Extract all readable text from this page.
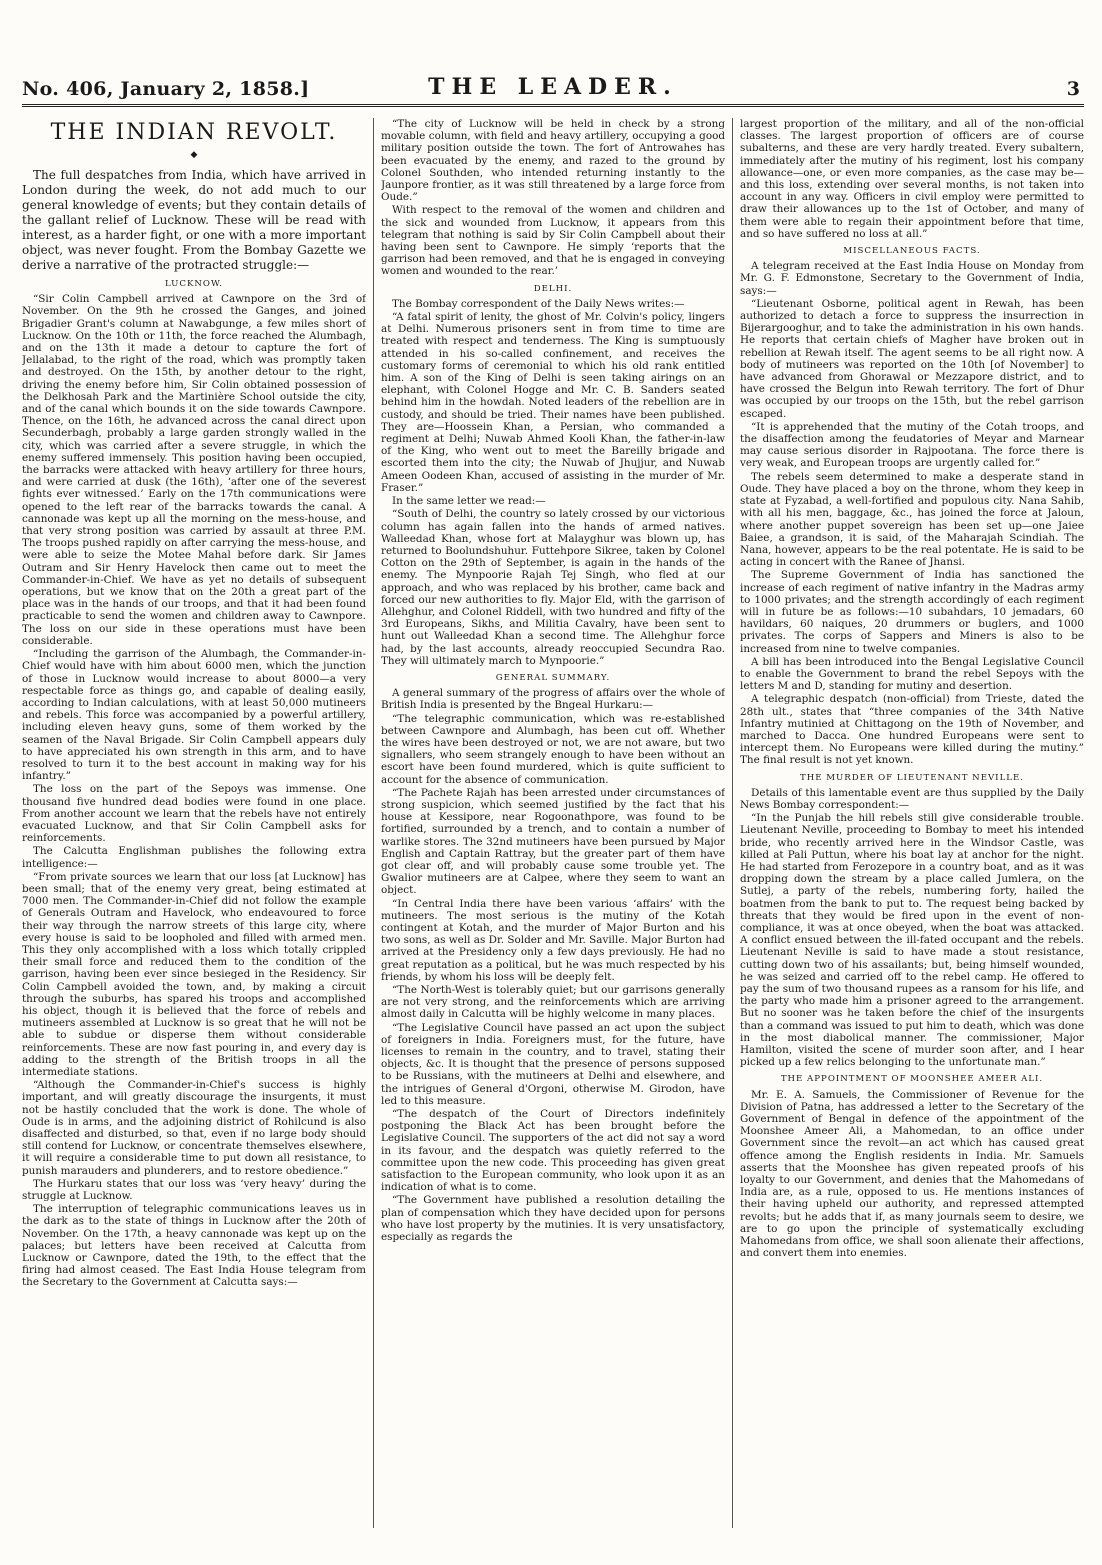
No. 406, January 2, 1858.]	THE LEADER.	3
THE INDIAN REVOLT.
◆

The full despatches from India, which have arrived in London during the week, do not add much to our general knowledge of events; but they contain details of the gallant relief of Lucknow. These will be read with interest, as a harder fight, or one with a more important object, was never fought. From the Bombay Gazette we derive a narrative of the protracted struggle:—

LUCKNOW.

“Sir Colin Campbell arrived at Cawnpore on the 3rd of November. On the 9th he crossed the Ganges, and joined Brigadier Grant's column at Nawabgunge, a few miles short of Lucknow. On the 10th or 11th, the force reached the Alumbagh, and on the 13th it made a detour to capture the fort of Jellalabad, to the right of the road, which was promptly taken and destroyed. On the 15th, by another detour to the right, driving the enemy before him, Sir Colin obtained possession of the Delkhosah Park and the Martinière School outside the city, and of the canal which bounds it on the side towards Cawnpore. Thence, on the 16th, he advanced across the canal direct upon Secunderbagh, probably a large garden strongly walled in the city, which was carried after a severe struggle, in which the enemy suffered immensely. This position having been occupied, the barracks were attacked with heavy artillery for three hours, and were carried at dusk (the 16th), ‘after one of the severest fights ever witnessed.’ Early on the 17th communications were opened to the left rear of the barracks towards the canal. A cannonade was kept up all the morning on the mess-house, and that very strong position was carried by assault at three P.M. The troops pushed rapidly on after carrying the mess-house, and were able to seize the Motee Mahal before dark. Sir James Outram and Sir Henry Havelock then came out to meet the Commander-in-Chief. We have as yet no details of subsequent operations, but we know that on the 20th a great part of the place was in the hands of our troops, and that it had been found practicable to send the women and children away to Cawnpore. The loss on our side in these operations must have been considerable.

“Including the garrison of the Alumbagh, the Commander-in-Chief would have with him about 6000 men, which the junction of those in Lucknow would increase to about 8000—a very respectable force as things go, and capable of dealing easily, according to Indian calculations, with at least 50,000 mutineers and rebels. This force was accompanied by a powerful artillery, including eleven heavy guns, some of them worked by the seamen of the Naval Brigade. Sir Colin Campbell appears duly to have appreciated his own strength in this arm, and to have resolved to turn it to the best account in making way for his infantry.”

The loss on the part of the Sepoys was immense. One thousand five hundred dead bodies were found in one place. From another account we learn that the rebels have not entirely evacuated Lucknow, and that Sir Colin Campbell asks for reinforcements.

The Calcutta Englishman publishes the following extra intelligence:—

“From private sources we learn that our loss [at Lucknow] has been small; that of the enemy very great, being estimated at 7000 men. The Commander-in-Chief did not follow the example of Generals Outram and Havelock, who endeavoured to force their way through the narrow streets of this large city, where every house is said to be loopholed and filled with armed men. This they only accomplished with a loss which totally crippled their small force and reduced them to the condition of the garrison, having been ever since besieged in the Residency. Sir Colin Campbell avoided the town, and, by making a circuit through the suburbs, has spared his troops and accomplished his object, though it is believed that the force of rebels and mutineers assembled at Lucknow is so great that he will not be able to subdue or disperse them without considerable reinforcements. These are now fast pouring in, and every day is adding to the strength of the British troops in all the intermediate stations.

“Although the Commander-in-Chief's success is highly important, and will greatly discourage the insurgents, it must not be hastily concluded that the work is done. The whole of Oude is in arms, and the adjoining district of Rohilcund is also disaffected and disturbed, so that, even if no large body should still contend for Lucknow, or concentrate themselves elsewhere, it will require a considerable time to put down all resistance, to punish marauders and plunderers, and to restore obedience.”

The Hurkaru states that our loss was ‘very heavy’ during the struggle at Lucknow.

The interruption of telegraphic communications leaves us in the dark as to the state of things in Lucknow after the 20th of November. On the 17th, a heavy cannonade was kept up on the palaces; but letters have been received at Calcutta from Lucknow or Cawnpore, dated the 19th, to the effect that the firing had almost ceased. The East India House telegram from the Secretary to the Government at Calcutta says:—

“The city of Lucknow will be held in check by a strong movable column, with field and heavy artillery, occupying a good military position outside the town. The fort of Antrowahes has been evacuated by the enemy, and razed to the ground by Colonel Southden, who intended returning instantly to the Jaunpore frontier, as it was still threatened by a large force from Oude.”

With respect to the removal of the women and children and the sick and wounded from Lucknow, it appears from this telegram that nothing is said by Sir Colin Campbell about their having been sent to Cawnpore. He simply ‘reports that the garrison had been removed, and that he is engaged in conveying women and wounded to the rear.’

DELHI.

The Bombay correspondent of the Daily News writes:—

“A fatal spirit of lenity, the ghost of Mr. Colvin's policy, lingers at Delhi. Numerous prisoners sent in from time to time are treated with respect and tenderness. The King is sumptuously attended in his so-called confinement, and receives the customary forms of ceremonial to which his old rank entitled him. A son of the King of Delhi is seen taking airings on an elephant, with Colonel Hogge and Mr. C. B. Sanders seated behind him in the howdah. Noted leaders of the rebellion are in custody, and should be tried. Their names have been published. They are—Hoossein Khan, a Persian, who commanded a regiment at Delhi; Nuwab Ahmed Kooli Khan, the father-in-law of the King, who went out to meet the Bareilly brigade and escorted them into the city; the Nuwab of Jhujjur, and Nuwab Ameen Oodeen Khan, accused of assisting in the murder of Mr. Fraser.”

In the same letter we read:—

“South of Delhi, the country so lately crossed by our victorious column has again fallen into the hands of armed natives. Walleedad Khan, whose fort at Malayghur was blown up, has returned to Boolundshuhur. Futtehpore Sikree, taken by Colonel Cotton on the 29th of September, is again in the hands of the enemy. The Mynpoorie Rajah Tej Singh, who fled at our approach, and who was replaced by his brother, came back and forced our new authorities to fly. Major Eld, with the garrison of Allehghur, and Colonel Riddell, with two hundred and fifty of the 3rd Europeans, Sikhs, and Militia Cavalry, have been sent to hunt out Walleedad Khan a second time. The Allehghur force had, by the last accounts, already reoccupied Secundra Rao. They will ultimately march to Mynpoorie.”

GENERAL SUMMARY.

A general summary of the progress of affairs over the whole of British India is presented by the Bngeal Hurkaru:—

“The telegraphic communication, which was re-established between Cawnpore and Alumbagh, has been cut off. Whether the wires have been destroyed or not, we are not aware, but two signallers, who seem strangely enough to have been without an escort have been found murdered, which is quite sufficient to account for the absence of communication.

“The Pachete Rajah has been arrested under circumstances of strong suspicion, which seemed justified by the fact that his house at Kessipore, near Rogoonathpore, was found to be fortified, surrounded by a trench, and to contain a number of warlike stores. The 32nd mutineers have been pursued by Major English and Captain Rattray, but the greater part of them have got clear off, and will probably cause some trouble yet. The Gwalior mutineers are at Calpee, where they seem to want an object.

“In Central India there have been various ‘affairs’ with the mutineers. The most serious is the mutiny of the Kotah contingent at Kotah, and the murder of Major Burton and his two sons, as well as Dr. Solder and Mr. Saville. Major Burton had arrived at the Presidency only a few days previously. He had no great reputation as a political, but he was much respected by his friends, by whom his loss will be deeply felt.

“The North-West is tolerably quiet; but our garrisons generally are not very strong, and the reinforcements which are arriving almost daily in Calcutta will be highly welcome in many places.

“The Legislative Council have passed an act upon the subject of foreigners in India. Foreigners must, for the future, have licenses to remain in the country, and to travel, stating their objects, &c. It is thought that the presence of persons supposed to be Russians, with the mutineers at Delhi and elsewhere, and the intrigues of General d'Orgoni, otherwise M. Girodon, have led to this measure.

“The despatch of the Court of Directors indefinitely postponing the Black Act has been brought before the Legislative Council. The supporters of the act did not say a word in its favour, and the despatch was quietly referred to the committee upon the new code. This proceeding has given great satisfaction to the European community, who look upon it as an indication of what is to come.

“The Government have published a resolution detailing the plan of compensation which they have decided upon for persons who have lost property by the mutinies. It is very unsatisfactory, especially as regards the

largest proportion of the military, and all of the non-official classes. The largest proportion of officers are of course subalterns, and these are very hardly treated. Every subaltern, immediately after the mutiny of his regiment, lost his company allowance—one, or even more companies, as the case may be—and this loss, extending over several months, is not taken into account in any way. Officers in civil employ were permitted to draw their allowances up to the 1st of October, and many of them were able to regain their appointment before that time, and so have suffered no loss at all.”

MISCELLANEOUS FACTS.

A telegram received at the East India House on Monday from Mr. G. F. Edmonstone, Secretary to the Government of India, says:—

“Lieutenant Osborne, political agent in Rewah, has been authorized to detach a force to suppress the insurrection in Bijerargooghur, and to take the administration in his own hands. He reports that certain chiefs of Magher have broken out in rebellion at Rewah itself. The agent seems to be all right now. A body of mutineers was reported on the 10th [of November] to have advanced from Ghorawal or Mezzapore district, and to have crossed the Belgun into Rewah territory. The fort of Dhur was occupied by our troops on the 15th, but the rebel garrison escaped.

“It is apprehended that the mutiny of the Cotah troops, and the disaffection among the feudatories of Meyar and Marnear may cause serious disorder in Rajpootana. The force there is very weak, and European troops are urgently called for.”

The rebels seem determined to make a desperate stand in Oude. They have placed a boy on the throne, whom they keep in state at Fyzabad, a well-fortified and populous city. Nana Sahib, with all his men, baggage, &c., has joined the force at Jaloun, where another puppet sovereign has been set up—one Jaiee Baiee, a grandson, it is said, of the Maharajah Scindiah. The Nana, however, appears to be the real potentate. He is said to be acting in concert with the Ranee of Jhansi.

The Supreme Government of India has sanctioned the increase of each regiment of native infantry in the Madras army to 1000 privates; and the strength accordingly of each regiment will in future be as follows:—10 subahdars, 10 jemadars, 60 havildars, 60 naiques, 20 drummers or buglers, and 1000 privates. The corps of Sappers and Miners is also to be increased from nine to twelve companies.

A bill has been introduced into the Bengal Legislative Council to enable the Government to brand the rebel Sepoys with the letters M and D, standing for mutiny and desertion.

A telegraphic despatch (non-official) from Trieste, dated the 28th ult., states that “three companies of the 34th Native Infantry mutinied at Chittagong on the 19th of November, and marched to Dacca. One hundred Europeans were sent to intercept them. No Europeans were killed during the mutiny.” The final result is not yet known.

THE MURDER OF LIEUTENANT NEVILLE.

Details of this lamentable event are thus supplied by the Daily News Bombay correspondent:—

“In the Punjab the hill rebels still give considerable trouble. Lieutenant Neville, proceeding to Bombay to meet his intended bride, who recently arrived here in the Windsor Castle, was killed at Pali Puttun, where his boat lay at anchor for the night. He had started from Ferozepore in a country boat, and as it was dropping down the stream by a place called Jumlera, on the Sutlej, a party of the rebels, numbering forty, hailed the boatmen from the bank to put to. The request being backed by threats that they would be fired upon in the event of non-compliance, it was at once obeyed, when the boat was attacked. A conflict ensued between the ill-fated occupant and the rebels. Lieutenant Neville is said to have made a stout resistance, cutting down two of his assailants; but, being himself wounded, he was seized and carried off to the rebel camp. He offered to pay the sum of two thousand rupees as a ransom for his life, and the party who made him a prisoner agreed to the arrangement. But no sooner was he taken before the chief of the insurgents than a command was issued to put him to death, which was done in the most diabolical manner. The commissioner, Major Hamilton, visited the scene of murder soon after, and I hear picked up a few relics belonging to the unfortunate man.”

THE APPOINTMENT OF MOONSHEE AMEER ALI.

Mr. E. A. Samuels, the Commissioner of Revenue for the Division of Patna, has addressed a letter to the Secretary of the Government of Bengal in defence of the appointment of the Moonshee Ameer Ali, a Mahomedan, to an office under Government since the revolt—an act which has caused great offence among the English residents in India. Mr. Samuels asserts that the Moonshee has given repeated proofs of his loyalty to our Government, and denies that the Mahomedans of India are, as a rule, opposed to us. He mentions instances of their having upheld our authority, and repressed attempted revolts; but he adds that if, as many journals seem to desire, we are to go upon the principle of systematically excluding Mahomedans from office, we shall soon alienate their affections, and convert them into enemies.
